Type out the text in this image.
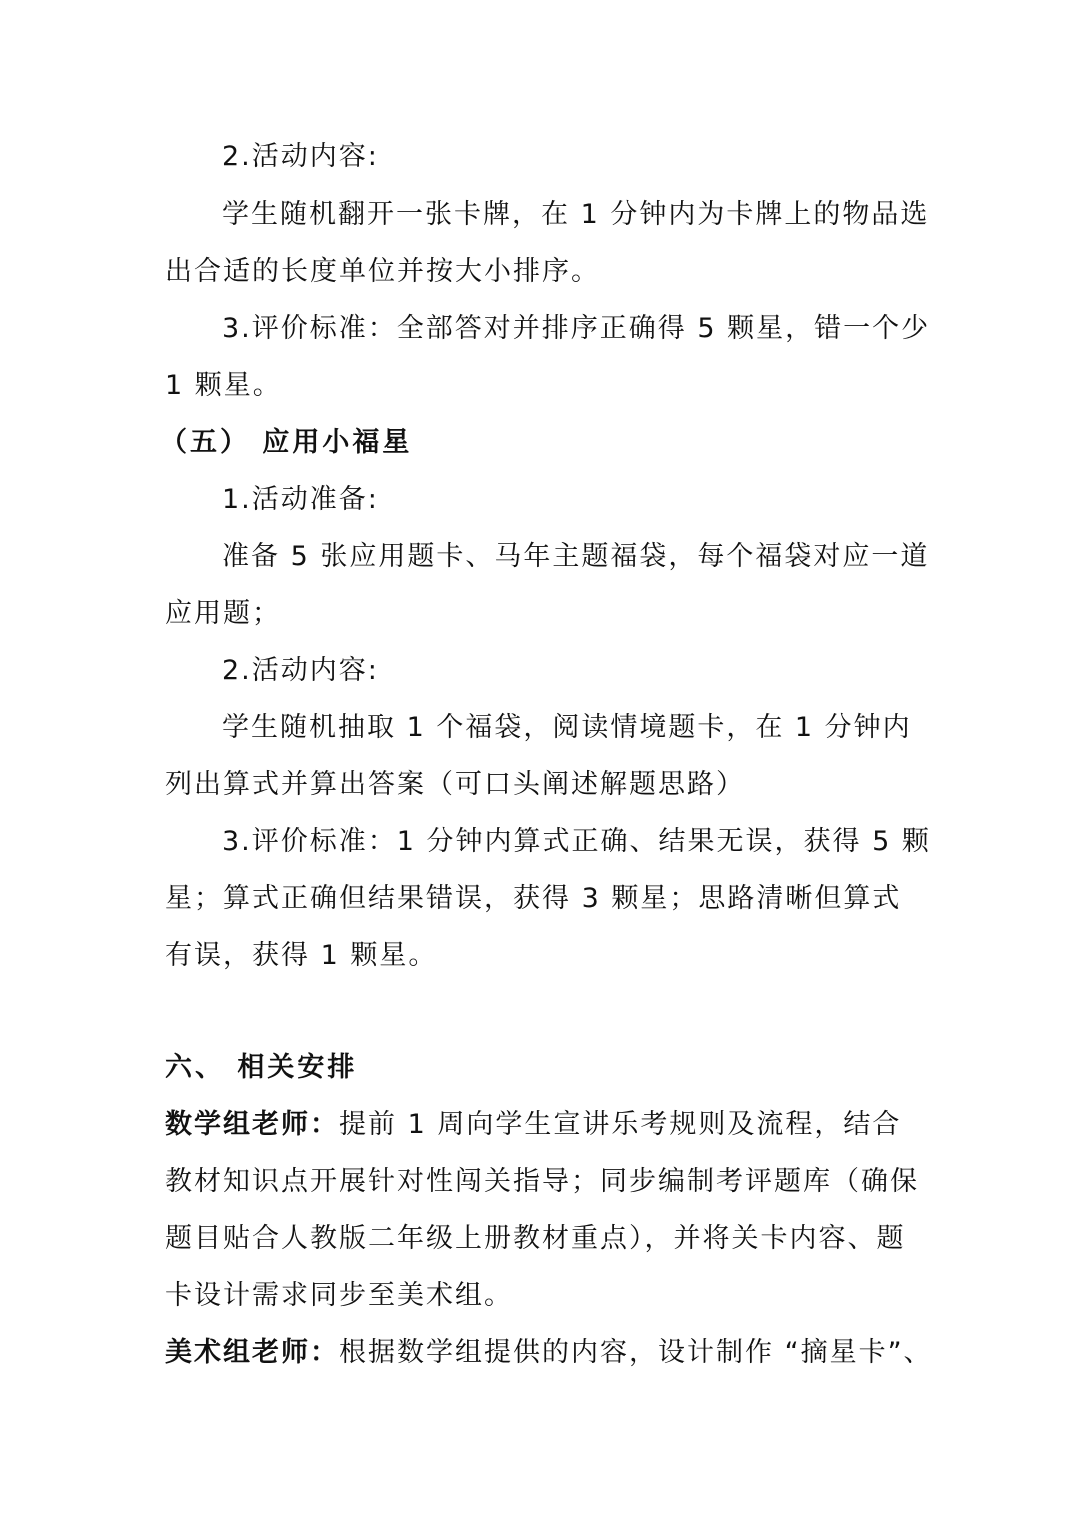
2.活动内容:
学生随机翻开一张卡牌，在 1 分钟内为卡牌上的物品选
出合适的长度单位并按大小排序。
3.评价标准：全部答对并排序正确得 5 颗星，错一个少
1 颗星。
（五） 应用小福星
1.活动准备:
准备 5 张应用题卡、马年主题福袋，每个福袋对应一道
应用题；
2.活动内容:
学生随机抽取 1 个福袋，阅读情境题卡，在 1 分钟内
列出算式并算出答案（可口头阐述解题思路）
3.评价标准：1 分钟内算式正确、结果无误，获得 5 颗
星；算式正确但结果错误，获得 3 颗星；思路清晰但算式
有误，获得 1 颗星。
六、 相关安排
数学组老师：提前 1 周向学生宣讲乐考规则及流程，结合
教材知识点开展针对性闯关指导；同步编制考评题库（确保
题目贴合人教版二年级上册教材重点），并将关卡内容、题
卡设计需求同步至美术组。
美术组老师：根据数学组提供的内容，设计制作 “摘星卡”、
